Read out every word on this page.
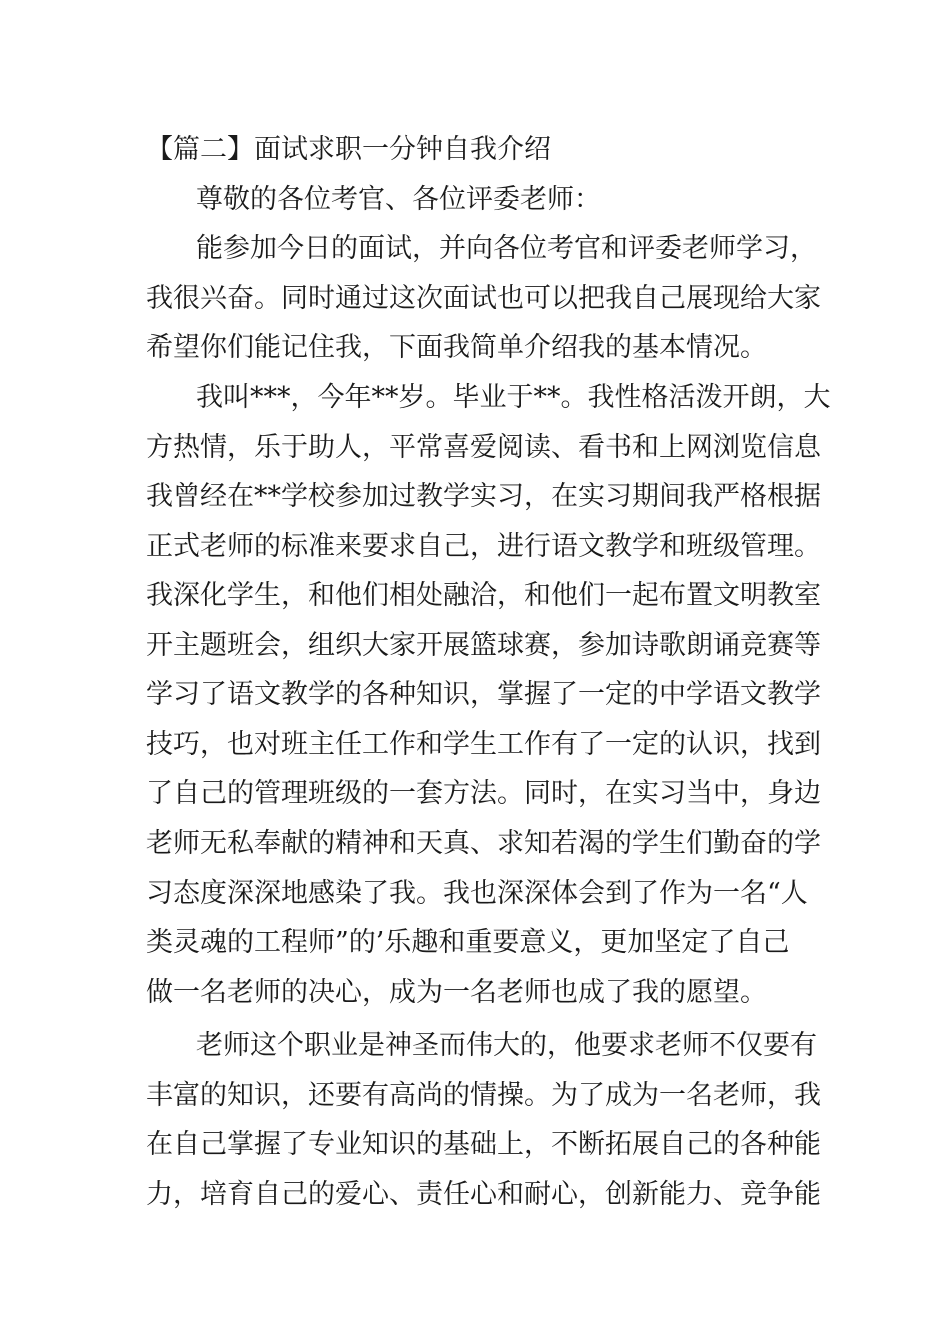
【篇二】面试求职一分钟自我介绍
尊敬的各位考官、各位评委老师：
能参加今日的面试，并向各位考官和评委老师学习，
我很兴奋。同时通过这次面试也可以把我自己展现给大家
希望你们能记住我，下面我简单介绍我的基本情况。
我叫***，今年**岁。毕业于**。我性格活泼开朗，大
方热情，乐于助人，平常喜爱阅读、看书和上网浏览信息
我曾经在**学校参加过教学实习，在实习期间我严格根据
正式老师的标准来要求自己，进行语文教学和班级管理。
我深化学生，和他们相处融洽，和他们一起布置文明教室
开主题班会，组织大家开展篮球赛，参加诗歌朗诵竞赛等
学习了语文教学的各种知识，掌握了一定的中学语文教学
技巧，也对班主任工作和学生工作有了一定的认识，找到
了自己的管理班级的一套方法。同时，在实习当中，身边
老师无私奉献的精神和天真、求知若渴的学生们勤奋的学
习态度深深地感染了我。我也深深体会到了作为一名“人
类灵魂的工程师”的’乐趣和重要意义，更加坚定了自己
做一名老师的决心，成为一名老师也成了我的愿望。
老师这个职业是神圣而伟大的，他要求老师不仅要有
丰富的知识，还要有高尚的情操。为了成为一名老师，我
在自己掌握了专业知识的基础上，不断拓展自己的各种能
力，培育自己的爱心、责任心和耐心，创新能力、竞争能
